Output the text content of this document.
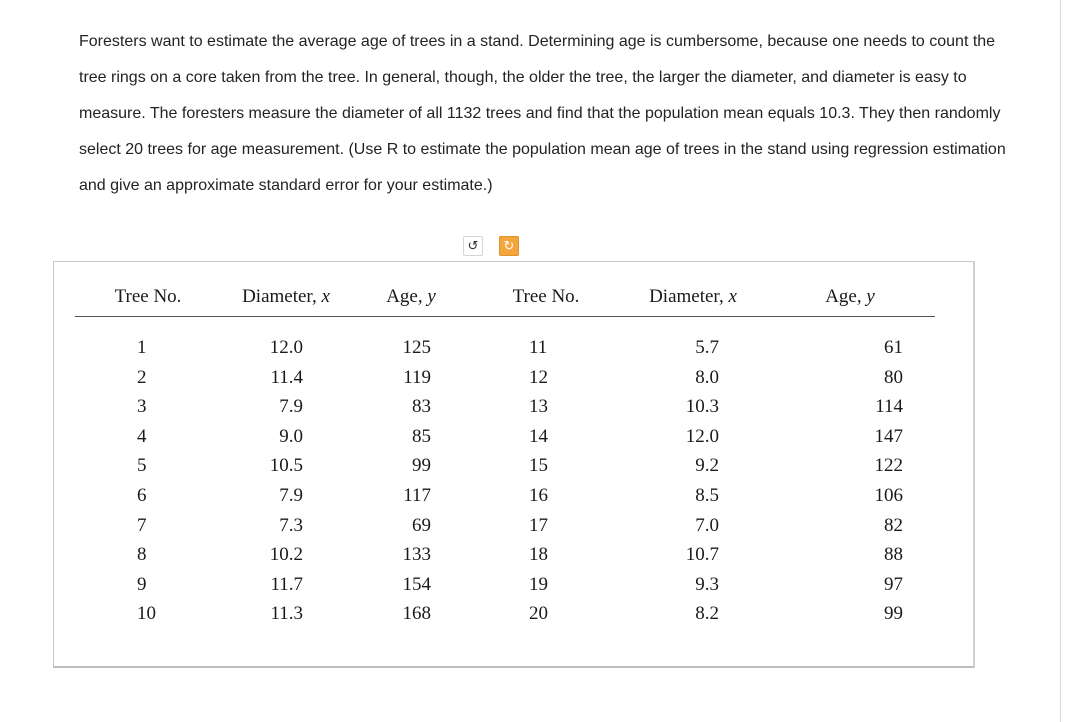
Foresters want to estimate the average age of trees in a stand. Determining age is cumbersome, because one needs to count the tree rings on a core taken from the tree. In general, though, the older the tree, the larger the diameter, and diameter is easy to measure. The foresters measure the diameter of all 1132 trees and find that the population mean equals 10.3. They then randomly select 20 trees for age measurement. (Use R to estimate the population mean age of trees in the stand using regression estimation and give an approximate standard error for your estimate.)

↺	↻
Tree No.	Diameter, x	Age, y	Tree No.	Diameter, x	Age, y
1	12.0	125	11	5.7	61
2	11.4	119	12	8.0	80
3	7.9	83	13	10.3	114
4	9.0	85	14	12.0	147
5	10.5	99	15	9.2	122
6	7.9	117	16	8.5	106
7	7.3	69	17	7.0	82
8	10.2	133	18	10.7	88
9	11.7	154	19	9.3	97
10	11.3	168	20	8.2	99
